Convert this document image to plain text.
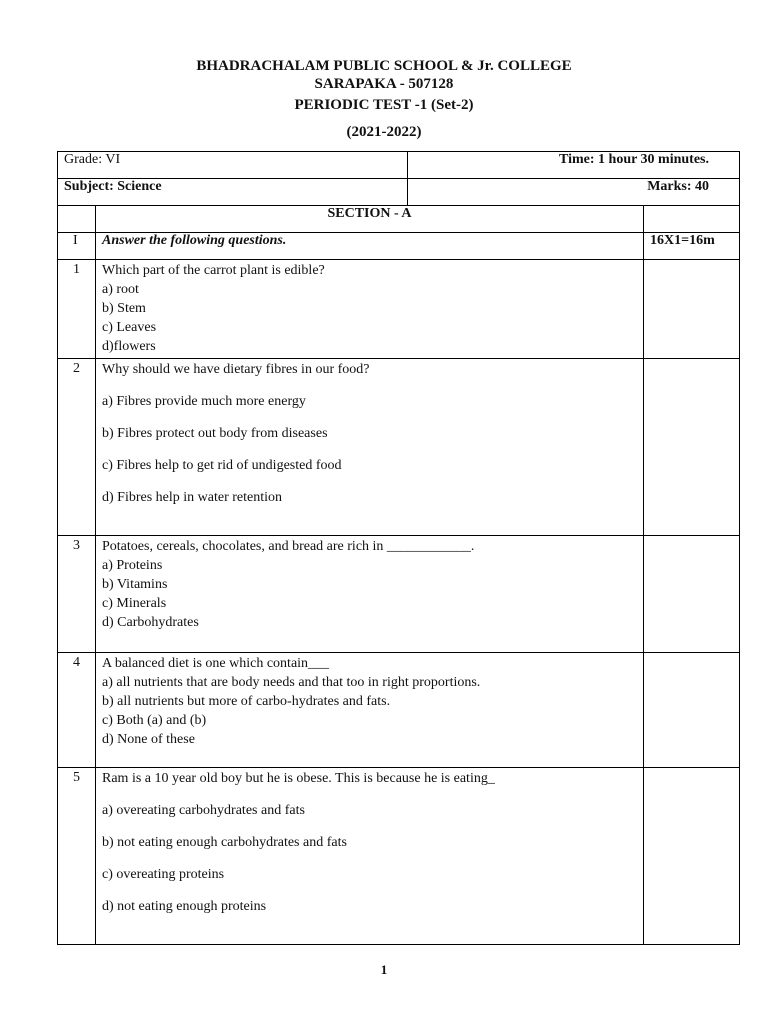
BHADRACHALAM PUBLIC SCHOOL & Jr. COLLEGE
SARAPAKA - 507128
PERIODIC TEST -1 (Set-2)
(2021-2022)
Grade: VI		Time: 1 hour 30 minutes.	
Subject: Science		Marks: 40	
	SECTION - A		
I	Answer the following questions.		16X1=16m
1	Which part of the carrot plant is edible?
a) root
b) Stem
c) Leaves
d)flowers		

2	Why should we have dietary fibres in our food?
a) Fibres provide much more energy
b) Fibres protect out body from diseases
c) Fibres help to get rid of undigested food
d) Fibres help in water retention		

3	Potatoes, cereals, chocolates, and bread are rich in ____________.
a) Proteins
b) Vitamins
c) Minerals
d) Carbohydrates		

4	A balanced diet is one which contain___
a) all nutrients that are body needs and that too in right proportions.
b) all nutrients but more of carbo-hydrates and fats.
c) Both (a) and (b)
d) None of these		

5	Ram is a 10 year old boy but he is obese. This is because he is eating_
a) overeating carbohydrates and fats
b) not eating enough carbohydrates and fats
c) overeating proteins
d) not eating enough proteins		

1
